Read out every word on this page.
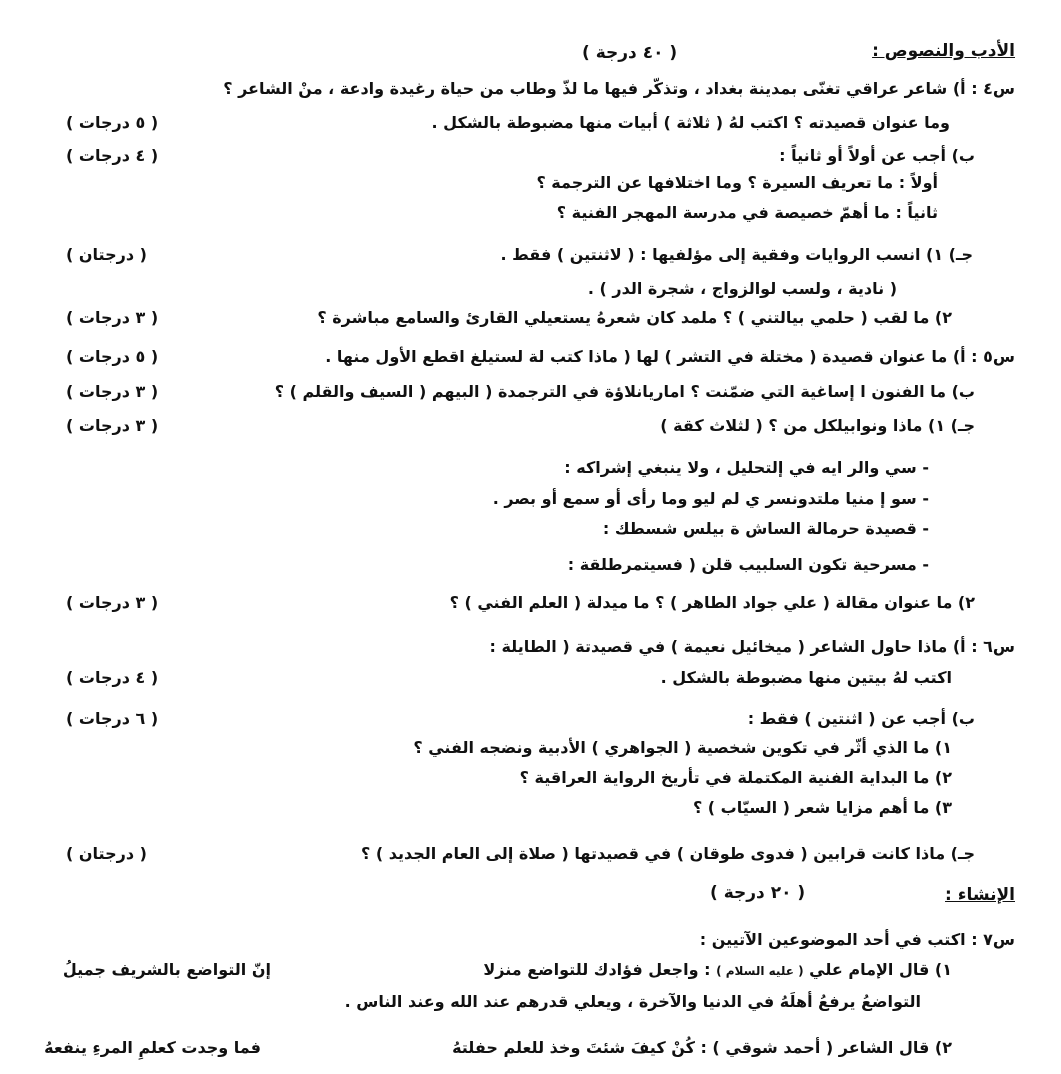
الأدب والنصوص :
( ٤٠ درجة )
س٤ : أ) شاعر عراقي تغنّى بمدينة بغداد ، وتذكّر فيها ما لذّ وطاب من حياة رغيدة وادعة ، منْ الشاعر ؟
وما عنوان قصيدته ؟ اكتب لهُ ( ثلاثة ) أبيات منها مضبوطة بالشكل .
( ٥ درجات )
ب) أجب عن أولاً أو ثانياً :
( ٤ درجات )
أولاً : ما تعريف السيرة ؟ وما اختلافها عن الترجمة ؟
ثانياً : ما أهمّ خصيصة في مدرسة المهجر الفنية ؟
جـ) ١) انسب الروايات وفقية إلى مؤلفيها : ( لاثنتين ) فقط .
( درجتان )
( نادية ، ولسب لوالزواج ، شجرة الدر ) .
٢) ما لقب ( حلمي بيالتني ) ؟ ملمد كان شعرهُ يستعيلي القارئ والسامع مباشرة ؟
( ٣ درجات )
س٥ : أ) ما عنوان قصيدة ( مختلة في التشر ) لها ( ماذا كتب لة لستيلغ اقطع الأول منها .
( ٥ درجات )
ب) ما الفنون ا إساغية التي ضمّنت ؟ اماريانلاؤة في الترجمدة ( البيهم ( السيف والقلم ) ؟
( ٣ درجات )
جـ) ١) ماذا ونوابيلكل من ؟ ( لثلاث كقة )
( ٣ درجات )
- سي والر ايه في إلتحليل ، ولا ينبغي إشراكه :
- سو إ منيا ملتدونسر ي لم ليو وما رأى أو سمع أو بصر .
- قصيدة حرمالة الساش ة بيلس شسطك :
- مسرحية تكون السلبيب قلن ( فسيتمرطلقة :
٢) ما عنوان مقالة ( علي جواد الطاهر ) ؟ ما ميدلة ( العلم الفني ) ؟
( ٣ درجات )
س٦ : أ) ماذا حاول الشاعر ( ميخائيل نعيمة ) في قصيدتة ( الطايلة :
اكتب لهُ بيتين منها مضبوطة بالشكل .
( ٤ درجات )
ب) أجب عن ( اثنتين ) فقط :
( ٦ درجات )
١) ما الذي أثّر في تكوين شخصية ( الجواهري ) الأدبية ونضجه الفني ؟
٢) ما البداية الفنية المكتملة في تأريخ الرواية العراقية ؟
٣) ما أهم مزايا شعر ( السيّاب ) ؟
جـ) ماذا كانت قرابين ( فدوى طوقان ) في قصيدتها ( صلاة إلى العام الجديد ) ؟
( درجتان )
الإنشاء :
( ٢٠ درجة )
س٧ : اكتب في أحد الموضوعين الآتيين :
١) قال الإمام علي ( عليه السلام ) : واجعل فؤادك للتواضع منزلا
إنّ التواضع بالشريف جميلُ
التواضعُ يرفعُ أهلَهُ في الدنيا والآخرة ، ويعلي قدرهم عند الله وعند الناس .
٢) قال الشاعر ( أحمد شوقي ) : كُنْ كيفَ شئتَ وخذ للعلم حفلتهُ
فما وجدت كعلمِ المرءِ ينفعهُ
